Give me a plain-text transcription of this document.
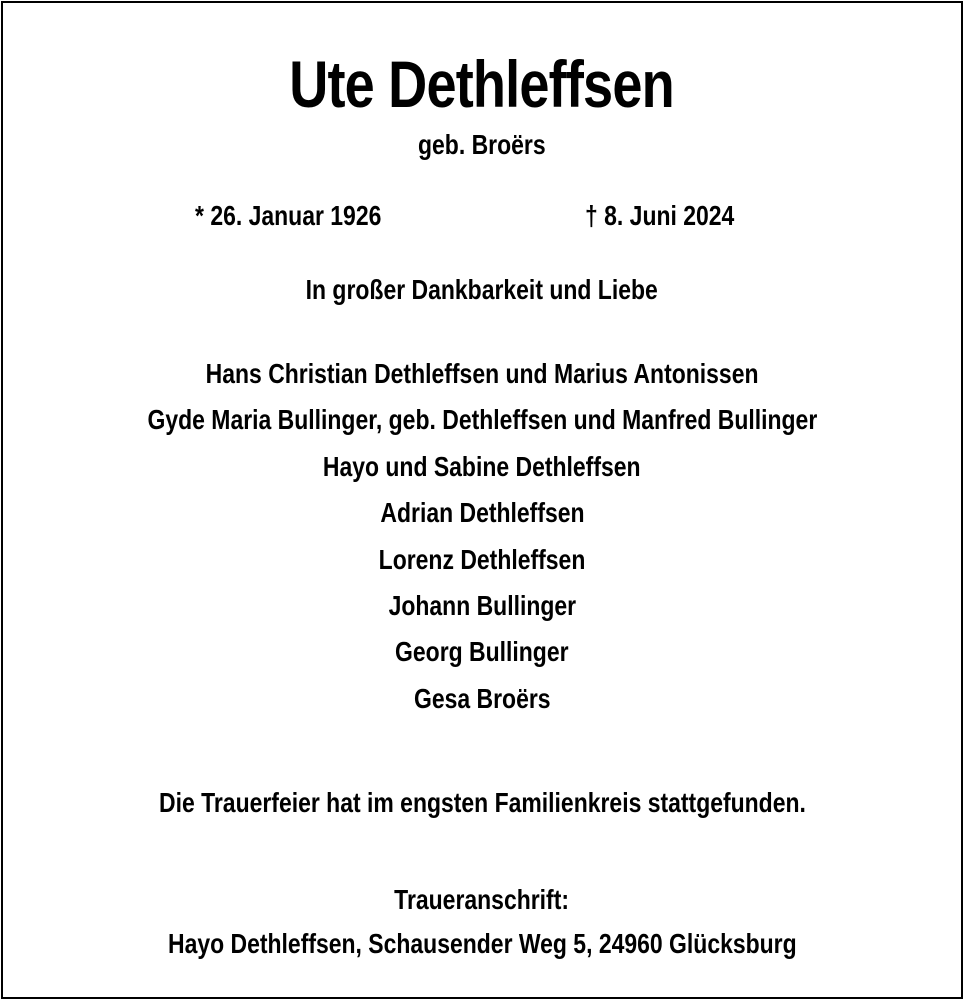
Ute Dethleffsen
geb. Broërs
* 26. Januar 1926	† 8. Juni 2024
In großer Dankbarkeit und Liebe
Hans Christian Dethleffsen und Marius Antonissen
Gyde Maria Bullinger, geb. Dethleffsen und Manfred Bullinger
Hayo und Sabine Dethleffsen
Adrian Dethleffsen
Lorenz Dethleffsen
Johann Bullinger
Georg Bullinger
Gesa Broërs
Die Trauerfeier hat im engsten Familienkreis stattgefunden.
Traueranschrift:
Hayo Dethleffsen, Schausender Weg 5, 24960 Glücksburg
